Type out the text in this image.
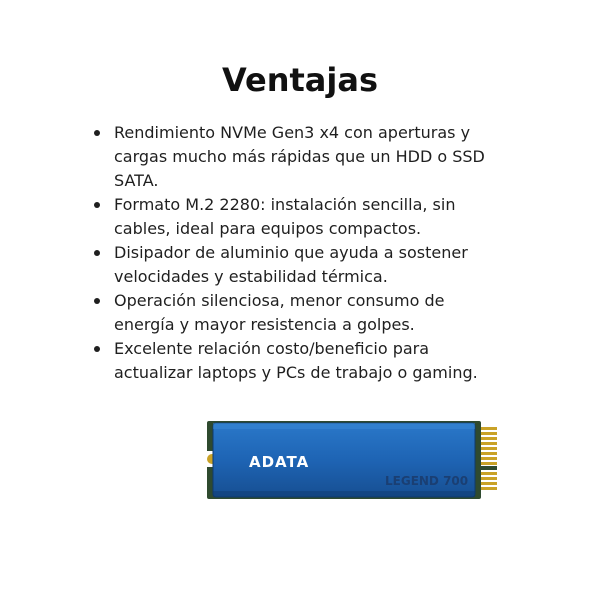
Ventajas
Rendimiento NVMe Gen3 x4 con aperturas y cargas mucho más rápidas que un HDD o SSD SATA.
Formato M.2 2280: instalación sencilla, sin cables, ideal para equipos compactos.
Disipador de aluminio que ayuda a sostener velocidades y estabilidad térmica.
Operación silenciosa, menor consumo de energía y mayor resistencia a golpes.
Excelente relación costo/beneficio para actualizar laptops y PCs de trabajo o gaming.
ADATA
LEGEND 700
